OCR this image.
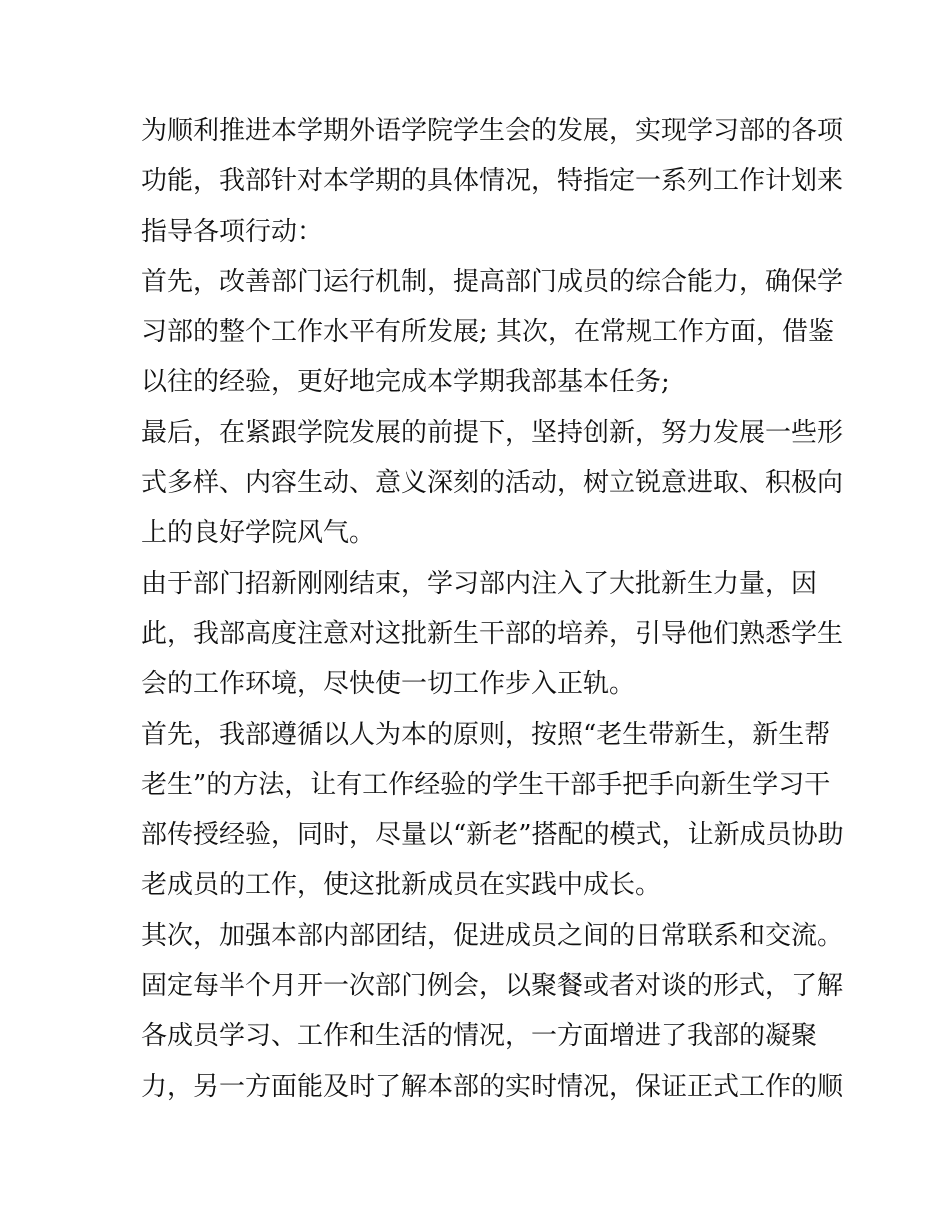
为顺利推进本学期外语学院学生会的发展，实现学习部的各项
功能，我部针对本学期的具体情况，特指定一系列工作计划来
指导各项行动：
首先，改善部门运行机制，提高部门成员的综合能力，确保学
习部的整个工作水平有所发展; 其次，在常规工作方面，借鉴
以往的经验，更好地完成本学期我部基本任务;
最后，在紧跟学院发展的前提下，坚持创新，努力发展一些形
式多样、内容生动、意义深刻的活动，树立锐意进取、积极向
上的良好学院风气。
由于部门招新刚刚结束，学习部内注入了大批新生力量，因
此，我部高度注意对这批新生干部的培养，引导他们熟悉学生
会的工作环境，尽快使一切工作步入正轨。
首先，我部遵循以人为本的原则，按照“老生带新生，新生帮
老生”的方法，让有工作经验的学生干部手把手向新生学习干
部传授经验，同时，尽量以“新老”搭配的模式，让新成员协助
老成员的工作，使这批新成员在实践中成长。
其次，加强本部内部团结，促进成员之间的日常联系和交流。
固定每半个月开一次部门例会，以聚餐或者对谈的形式，了解
各成员学习、工作和生活的情况，一方面增进了我部的凝聚
力，另一方面能及时了解本部的实时情况，保证正式工作的顺
